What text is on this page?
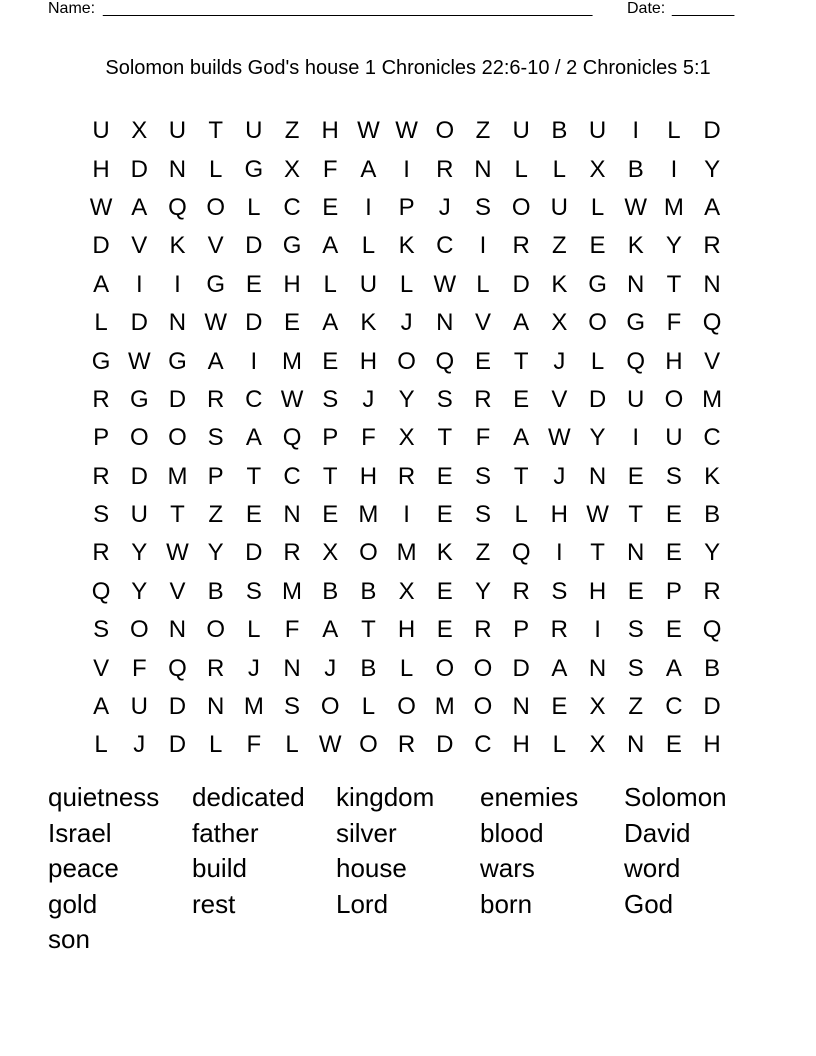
Name: _______________________________________________________ Date: _______
Solomon builds God's house 1 Chronicles 22:6-10 / 2 Chronicles 5:1
U X U T U Z H W W O Z U B U	I	L D
H D N L G X F A	I	R N L	L X B	I	Y
W A Q O L C E	I	P	J	S O U L W M A
D V K V D G A L K C	I	R Z E K Y R
A	I	I	G E H L U L W L D K G N T N
L D N W D E A K	J N V A X O G F Q
G W G A	I	M E H O Q E T	J	L Q H V
R G D R C W S	J	Y S R E V D U O M
P O O S A Q P F X T F A W Y	I	U C
R D M P T C T H R E S T	J N E S K
S U T Z E N E M	I	E S L H W T E B
R Y W Y D R X O M K Z Q	I	T N E Y
Q Y V B S M B B X E Y R S H E P R
S O N O L	F A T H E R P R	I	S E Q
V F Q R J N J	B L O O D A N S A B
A U D N M S O L O M O N E X Z C D
L	J D L	F	L W O R D C H L X N E H
quietness	dedicated	kingdom	enemies	Solomon
Israel	father	silver	blood	David
peace	build	house	wars	word
gold	rest	Lord	born	God
son
